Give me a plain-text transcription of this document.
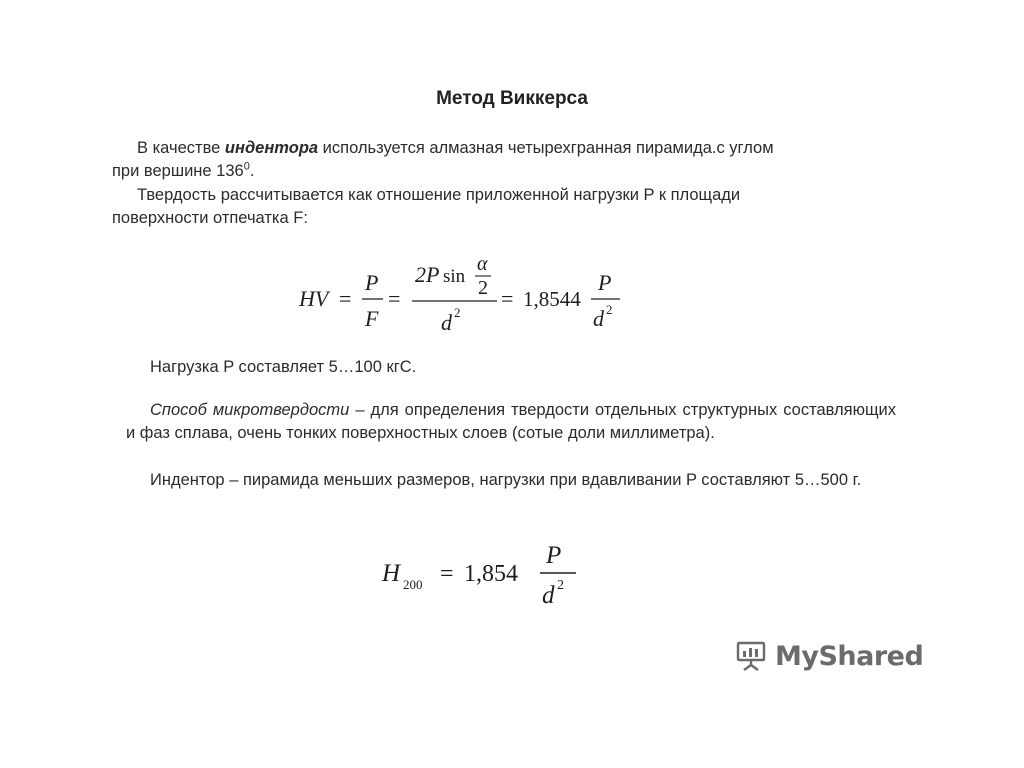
Метод Виккерса
В качестве индентора используется алмазная четырехгранная пирамида.с углом
при вершине $136^0$.
Твердость рассчитывается как отношение приложенной нагрузки P к площади
поверхности отпечатка F:
HV =
P
F
=
2P sin
α
2
d 2
= 1,8544
P
d 2
Нагрузка P составляет 5…100 кгС.
Способ микротвердости – для определения твердости отдельных структурных составляющих и фаз сплава, очень тонких поверхностных слоев (сотые доли миллиметра).
Индентор – пирамида меньших размеров, нагрузки при вдавливании P составляют 5…500 г.
H 200 = 1,854
P
d 2
MyShared
